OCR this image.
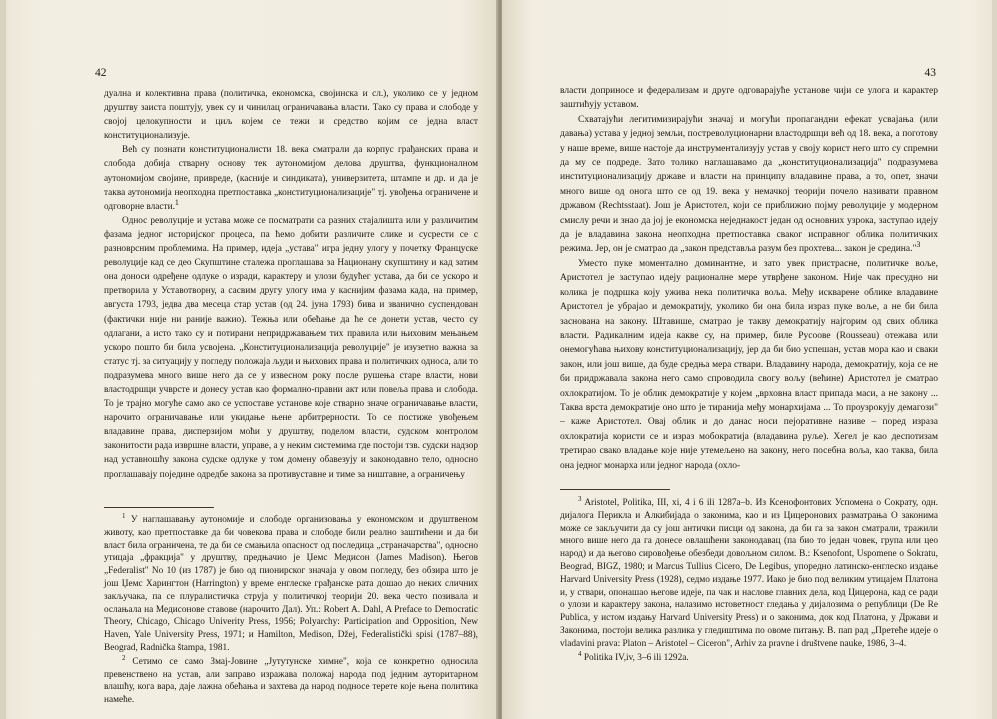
42

дуална и колективна права (политичка, економска, својинска и сл.), уколико се у једном друштву заиста поштују, увек су и чинилац ограничавања власти. Тако су права и слободе у својој целокупности и циљ којем се тежи и средство којим се једна власт конституционализује.

Већ су познати конституционалисти 18. века сматрали да корпус грађанских права и слобода добија стварну основу тек аутономијом делова друштва, функционалном аутономијом својине, привреде, (касније и синдиката), универзитета, штампе и др. и да је таква аутономија неопходна претпоставка „конституционализације" тј. увођења ограничене и одговорне власти.$^1$

Однос револуције и устава може се посматрати са разних стајалишта или у различитим фазама једног историјског процеса, па ћемо добити различите слике и сусрести се с разноврсним проблемима. На пример, идеја „устава" игра једну улогу у почетку Француске револуције кад се део Скупштине сталежа проглашава за Национану скупштину и кад затим она доноси одређене одлуке о изради, карактеру и улози будућег устава, да би се ускоро и претворила у Уставотворну, а сасвим другу улогу има у каснијим фазама када, на пример, августа 1793, једва два месеца стар устав (од 24. јуна 1793) бива и званично суспендован (фактички није ни раније важио). Тежња или обећање да ће се донети устав, често су одлагани, а исто тако су и потирани непридржавањем тих правила или њиховим мењањем ускоро пошто би била усвојена. „Конституционализација револуције" је изузетно важна за статус тј. за ситуацију у погледу положаја људи и њихових права и политичких односа, али то подразумева много више него да се у извесном року после рушења старе власти, нови властодршци учврсте и донесу устав као формално-правни акт или повеља права и слобода. То је трајно могуће само ако се успоставе установе које стварно значе ограничавање власти, нарочито ограничавање или укидање њене арбитрерности. То се постиже увођењем владавине права, дисперзијом моћи у друштву, поделом власти, судском контролом законитости рада извршне власти, управе, а у неким системима где постоји тзв. судски надзор над уставношћу закона судске одлуке у том домену обавезују и законодавно тело, односно проглашавају поједине одредбе закона за противуставне и тиме за ништавне, а ограничењу

$^1$ У наглашавању аутономије и слободе организовања у економском и друштвеном животу, као претпоставке да би човекова права и слободе били реално заштићени и да би власт била ограничена, те да би се смањила опасност од последица „страначарства", односно утицаја „фракција" у друштву, предњачио је Џемс Медисон (James Madison). Његов „Federalist" No 10 (из 1787) је био од пионирског значаја у овом погледу, без обзира што је још Џемс Харингтон (Harrington) у време енглеске грађанске рата дошао до неких сличних закључака, па се плуралистичка струја у политичкој теорији 20. века често позивала и ослањала на Медисонове ставове (нарочито Дал). Уп.: Robert A. Dahl, A Preface to Democratic Theory, Chicago, Chicago Univerity Press, 1956; Polyarchy: Participation and Opposition, New Haven, Yale University Press, 1971; и Hamilton, Medison, Džej, Federalistički spisi (1787–88), Beograd, Radnička štampa, 1981.

$^2$ Сетимо се само Змај-Јовине „Јутутунске химне", која се конкретно односила превенствено на устав, али заправо изражава положај народа под једним ауторитарном влашћу, кога вара, даје лажна обећања и захтева да народ подносе терете које њена политика намеће.

43

власти доприносе и федерализам и друге одговарајуће установе чији се улога и карактер заштићују уставом.

Схватајући легитимизирајући значај и могући пропагандни ефекат усвајања (или давања) устава у једној земљи, постреволуционарни властодршци већ од 18. века, а поготову у наше време, више настоје да инструментализују устав у своју корист него што су спремни да му се подреде. Зато толико наглашавамо да „конституционализација" подразумева институционализацију државе и власти на принципу владавине права, а то, опет, значи много више од онога што се од 19. века у немачкој теорији почело називати правном државом (Rechtsstaat). Још је Аристотел, који се приближио појму револуције у модерном смислу речи и знао да јој је економска неједнакост један од основних узрока, заступао идеју да је владавина закона неопходна претпоставка сваког исправног облика политичких режима. Јер, он је сматрао да „закон представља разум без прохтева... закон је средина."$^3$

Уместо пуке моментално доминантне, и зато увек пристрасне, политичке воље, Аристотел је заступао идеју рационалне мере утврђене законом. Није чак пресудно ни колика је подршка коју ужива нека политичка воља. Међу искварене облике владавине Аристотел је убрајао и демократију, уколико би она била израз пуке воље, а не би била заснована на закону. Штавише, сматрао је такву демократију најгорим од свих облика власти. Радикалним идеја какве су, на пример, биле Русоове (Rousseau) отежава или онемогућава њихову конституционализацију, јер да би био успешан, устав мора као и сваки закон, или још више, да буде средња мера ствари. Владавину народа, демократију, која се не би придржавала закона него само спроводила свогу вољу (већине) Аристотел је сматрао охлократијом. То је облик демократије у којем „врховна власт припада маси, а не закону ... Таква врста демократије оно што је тиранија међу монархијама ... То проузрокују демагози" – каже Аристотел. Овај облик и до данас носи пејоративне називе – поред израза охлократија користи се и израз мобократија (владавина руље). Хегел је као деспотизам третирао свако владање које није утемељено на закону, него посебна воља, као таква, била она једног монарха или једног народа (охло-

$^3$ Aristotel, Politika, III, xi, 4 i 6 ili 1287a–b. Из Ксенофонтових Успомена о Сократу, одн. дијалога Перикла и Алкибијада о законима, као и из Цицеронових разматрања О законима може се закључити да су још антички писци од закона, да би га за закон сматрали, тражили много више него да га донесе овлашћени законодавац (па био то један човек, група или цео народ) и да његово сировођење обезбеди довољном силом. В.: Ksenofont, Uspomene o Sokratu, Beograd, BIGZ, 1980; и Marcus Tullius Cicero, De Legibus, упоредно латинско-енглеско издање Harvard University Press (1928), седмо издање 1977. Иако је био под великим утицајем Платона и, у ствари, опонашао његове идеје, па чак и наслове главних дела, код Цицерона, кад се ради о улози и карактеру закона, налазимо истоветност гледања у дијалозима о републици (De Re Publica, у истом издању Harvard University Press) и о законима, док код Платона, у Држави и Законима, постоји велика разлика у гледиштима по овоме питању. В. пап рад „Претеће идеје о vladavini prava: Platon – Aristotel – Ciceron", Arhiv za pravne i društvene nauke, 1986, 3–4.

$^4$ Politika IV,iv, 3–6 ili 1292a.
